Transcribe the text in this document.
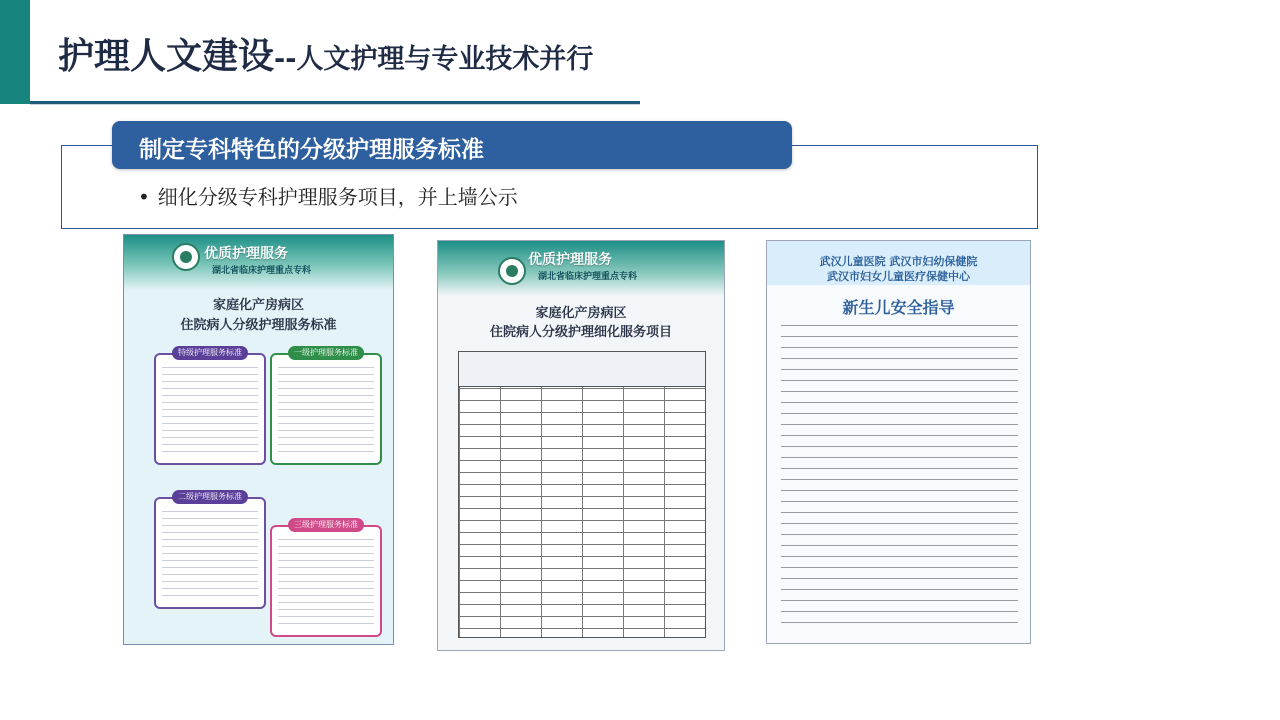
护理人文建设--人文护理与专业技术并行
制定专科特色的分级护理服务标准
• 细化分级专科护理服务项目，并上墙公示
优质护理服务
湖北省临床护理重点专科
家庭化产房病区
住院病人分级护理服务标准
特级护理服务标准	一级护理服务标准
二级护理服务标准
三级护理服务标准
优质护理服务
湖北省临床护理重点专科
家庭化产房病区
住院病人分级护理细化服务项目
武汉儿童医院 武汉市妇幼保健院
武汉市妇女儿童医疗保健中心
新生儿安全指导
